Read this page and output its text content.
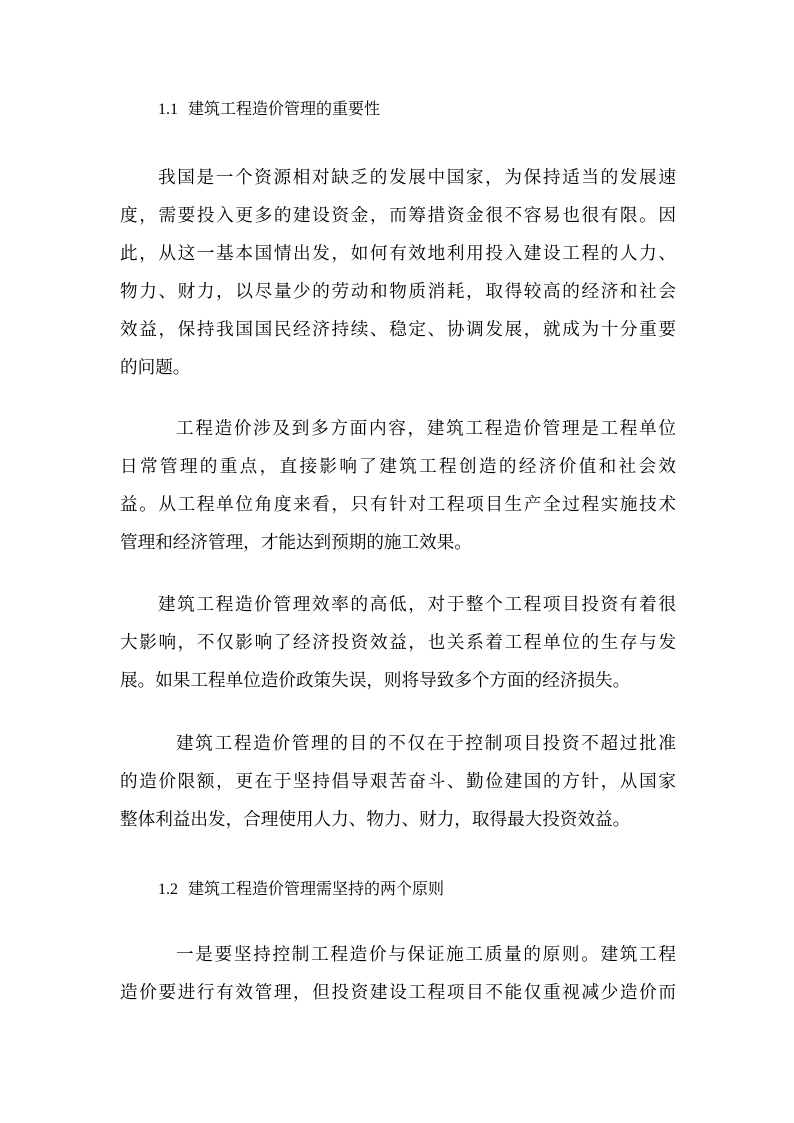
1.1 建筑工程造价管理的重要性
我国是一个资源相对缺乏的发展中国家，为保持适当的发展速
度，需要投入更多的建设资金，而筹措资金很不容易也很有限。因
此，从这一基本国情出发，如何有效地利用投入建设工程的人力、
物力、财力，以尽量少的劳动和物质消耗，取得较高的经济和社会
效益，保持我国国民经济持续、稳定、协调发展，就成为十分重要
的问题。
工程造价涉及到多方面内容，建筑工程造价管理是工程单位
日常管理的重点，直接影响了建筑工程创造的经济价值和社会效
益。从工程单位角度来看，只有针对工程项目生产全过程实施技术
管理和经济管理，才能达到预期的施工效果。
建筑工程造价管理效率的高低，对于整个工程项目投资有着很
大影响，不仅影响了经济投资效益，也关系着工程单位的生存与发
展。如果工程单位造价政策失误，则将导致多个方面的经济损失。
建筑工程造价管理的目的不仅在于控制项目投资不超过批准
的造价限额，更在于坚持倡导艰苦奋斗、勤俭建国的方针，从国家
整体利益出发，合理使用人力、物力、财力，取得最大投资效益。
1.2 建筑工程造价管理需坚持的两个原则
一是要坚持控制工程造价与保证施工质量的原则。建筑工程
造价要进行有效管理，但投资建设工程项目不能仅重视减少造价而
